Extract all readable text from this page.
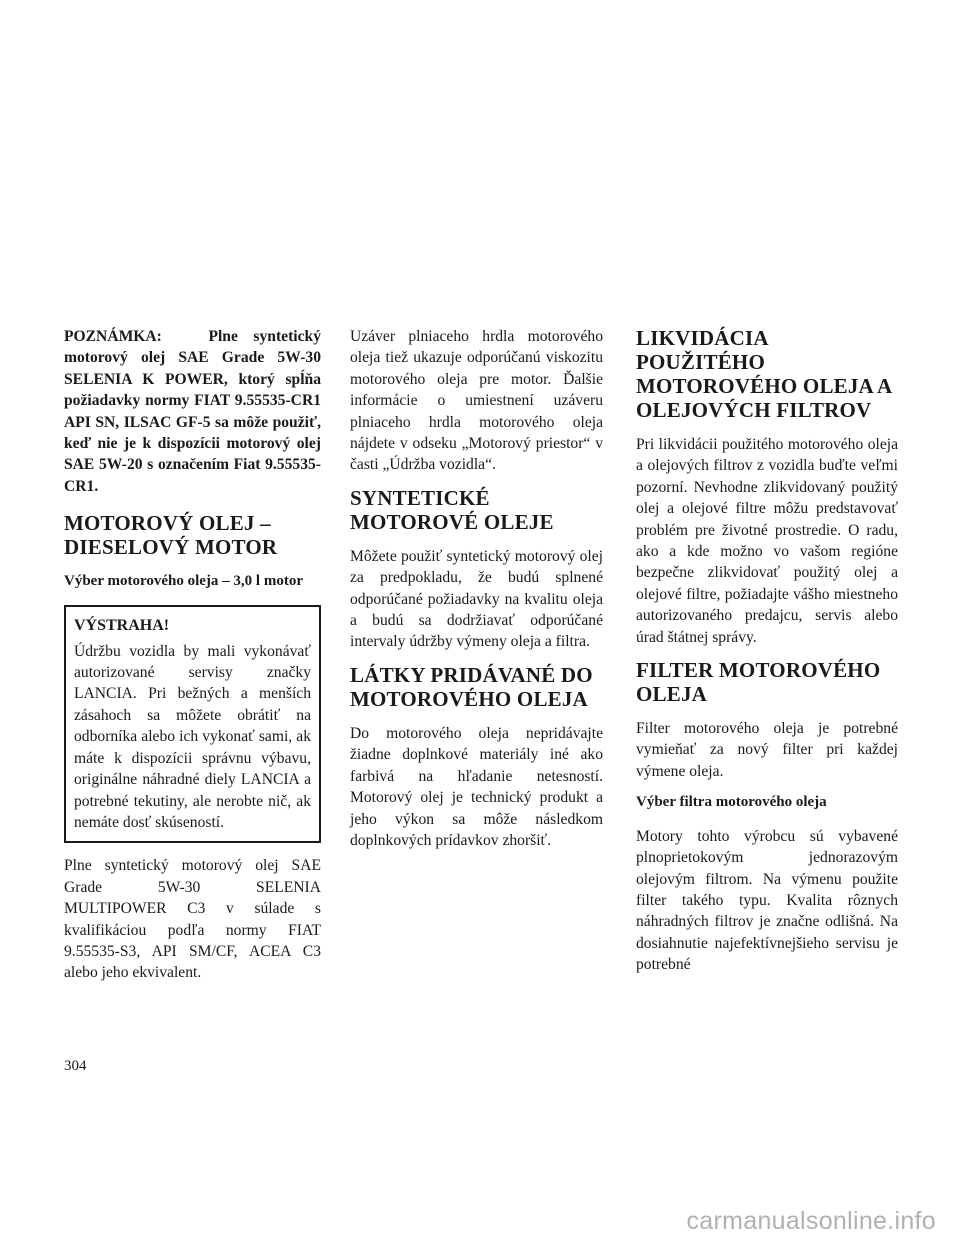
POZNÁMKA:   Plne syntetický motorový olej SAE Grade 5W-30 SELENIA K POWER, ktorý spĺňa požiadavky normy FIAT 9.55535-CR1 API SN, ILSAC GF-5 sa môže použiť, keď nie je k dispozícii motorový olej SAE 5W-20 s označením Fiat 9.55535-CR1.

MOTOROVÝ OLEJ – DIESELOVÝ MOTOR

Výber motorového oleja – 3,0 l motor

VÝSTRAHA!

Údržbu vozidla by mali vykonávať autorizované servisy značky LANCIA. Pri bežných a menších zásahoch sa môžete obrátiť na odborníka alebo ich vykonať sami, ak máte k dispozícii správnu výbavu, originálne náhradné diely LANCIA a potrebné tekutiny, ale nerobte nič, ak nemáte dosť skúseností.

Plne syntetický motorový olej SAE Grade 5W-30 SELENIA MULTIPOWER C3 v súlade s kvalifikáciou podľa normy FIAT 9.55535-S3, API SM/CF, ACEA C3 alebo jeho ekvivalent.

Uzáver plniaceho hrdla motorového oleja tiež ukazuje odporúčanú viskozitu motorového oleja pre motor. Ďalšie informácie o umiestnení uzáveru plniaceho hrdla motorového oleja nájdete v odseku „Motorový priestor“ v časti „Údržba vozidla“.

SYNTETICKÉ MOTOROVÉ OLEJE

Môžete použiť syntetický motorový olej za predpokladu, že budú splnené odporúčané požiadavky na kvalitu oleja a budú sa dodržiavať odporúčané intervaly údržby výmeny oleja a filtra.

LÁTKY PRIDÁVANÉ DO MOTOROVÉHO OLEJA

Do motorového oleja nepridávajte žiadne doplnkové materiály iné ako farbivá na hľadanie netesností. Motorový olej je technický produkt a jeho výkon sa môže následkom doplnkových prídavkov zhoršiť.

LIKVIDÁCIA POUŽITÉHO MOTOROVÉHO OLEJA A OLEJOVÝCH FILTROV

Pri likvidácii použitého motorového oleja a olejových filtrov z vozidla buďte veľmi pozorní. Nevhodne zlikvidovaný použitý olej a olejové filtre môžu predstavovať problém pre životné prostredie. O radu, ako a kde možno vo vašom regióne bezpečne zlikvidovať použitý olej a olejové filtre, požiadajte vášho miestneho autorizovaného predajcu, servis alebo úrad štátnej správy.

FILTER MOTOROVÉHO OLEJA

Filter motorového oleja je potrebné vymieňať za nový filter pri každej výmene oleja.

Výber filtra motorového oleja

Motory tohto výrobcu sú vybavené plnoprietokovým jednorazovým olejovým filtrom. Na výmenu použite filter takého typu. Kvalita rôznych náhradných filtrov je značne odlišná. Na dosiahnutie najefektívnejšieho servisu je potrebné

304
carmanualsonline.info
